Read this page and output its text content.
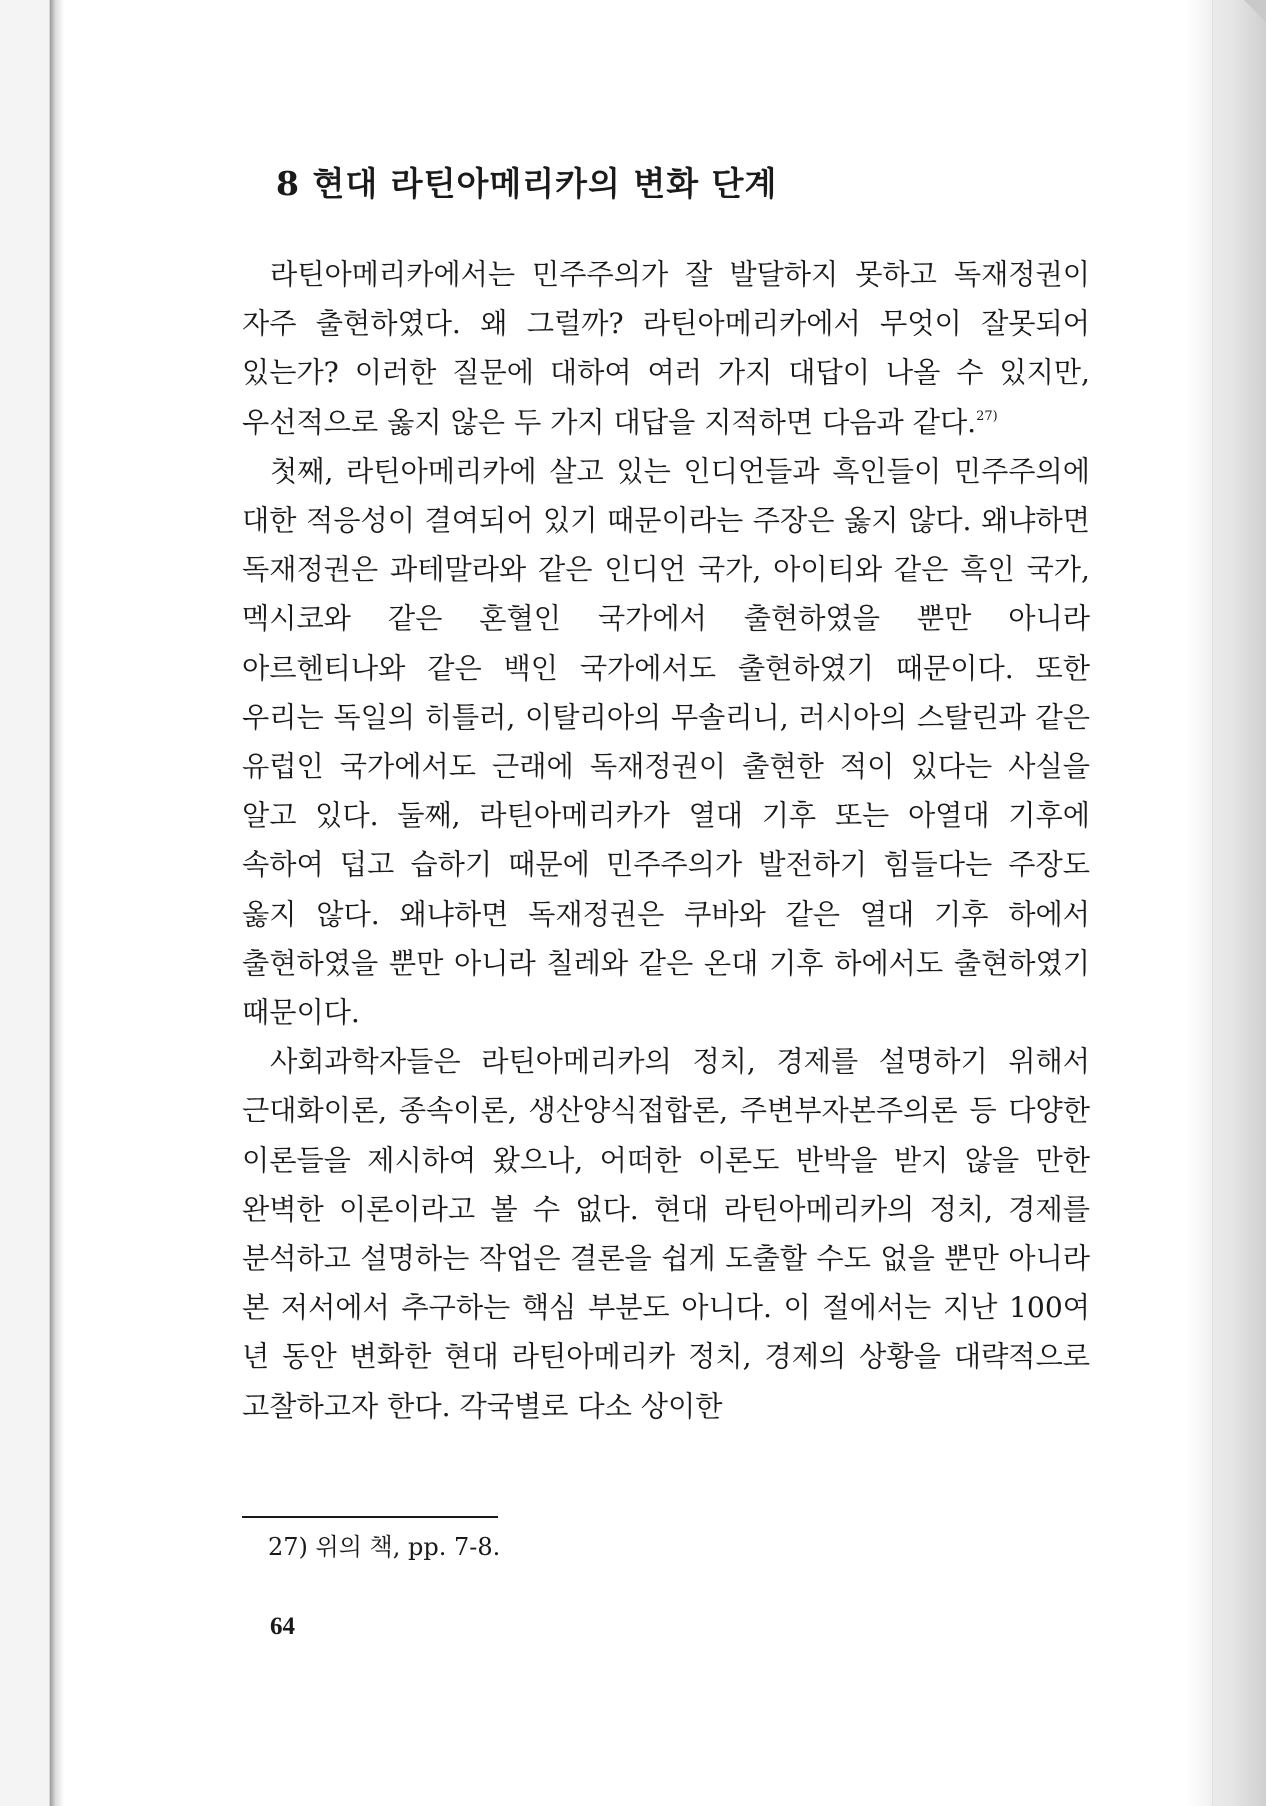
8 현대 라틴아메리카의 변화 단계

라틴아메리카에서는 민주주의가 잘 발달하지 못하고 독재정권이 자주 출현하였다. 왜 그럴까? 라틴아메리카에서 무엇이 잘못되어 있는가? 이러한 질문에 대하여 여러 가지 대답이 나올 수 있지만, 우선적으로 옳지 않은 두 가지 대답을 지적하면 다음과 같다.$^{27)}$

첫째, 라틴아메리카에 살고 있는 인디언들과 흑인들이 민주주의에 대한 적응성이 결여되어 있기 때문이라는 주장은 옳지 않다. 왜냐하면 독재정권은 과테말라와 같은 인디언 국가, 아이티와 같은 흑인 국가, 멕시코와 같은 혼혈인 국가에서 출현하였을 뿐만 아니라 아르헨티나와 같은 백인 국가에서도 출현하였기 때문이다. 또한 우리는 독일의 히틀러, 이탈리아의 무솔리니, 러시아의 스탈린과 같은 유럽인 국가에서도 근래에 독재정권이 출현한 적이 있다는 사실을 알고 있다. 둘째, 라틴아메리카가 열대 기후 또는 아열대 기후에 속하여 덥고 습하기 때문에 민주주의가 발전하기 힘들다는 주장도 옳지 않다. 왜냐하면 독재정권은 쿠바와 같은 열대 기후 하에서 출현하였을 뿐만 아니라 칠레와 같은 온대 기후 하에서도 출현하였기 때문이다.

사회과학자들은 라틴아메리카의 정치, 경제를 설명하기 위해서 근대화이론, 종속이론, 생산양식접합론, 주변부자본주의론 등 다양한 이론들을 제시하여 왔으나, 어떠한 이론도 반박을 받지 않을 만한 완벽한 이론이라고 볼 수 없다. 현대 라틴아메리카의 정치, 경제를 분석하고 설명하는 작업은 결론을 쉽게 도출할 수도 없을 뿐만 아니라 본 저서에서 추구하는 핵심 부분도 아니다. 이 절에서는 지난 100여 년 동안 변화한 현대 라틴아메리카 정치, 경제의 상황을 대략적으로 고찰하고자 한다. 각국별로 다소 상이한

27) 위의 책, pp. 7-8.
64
